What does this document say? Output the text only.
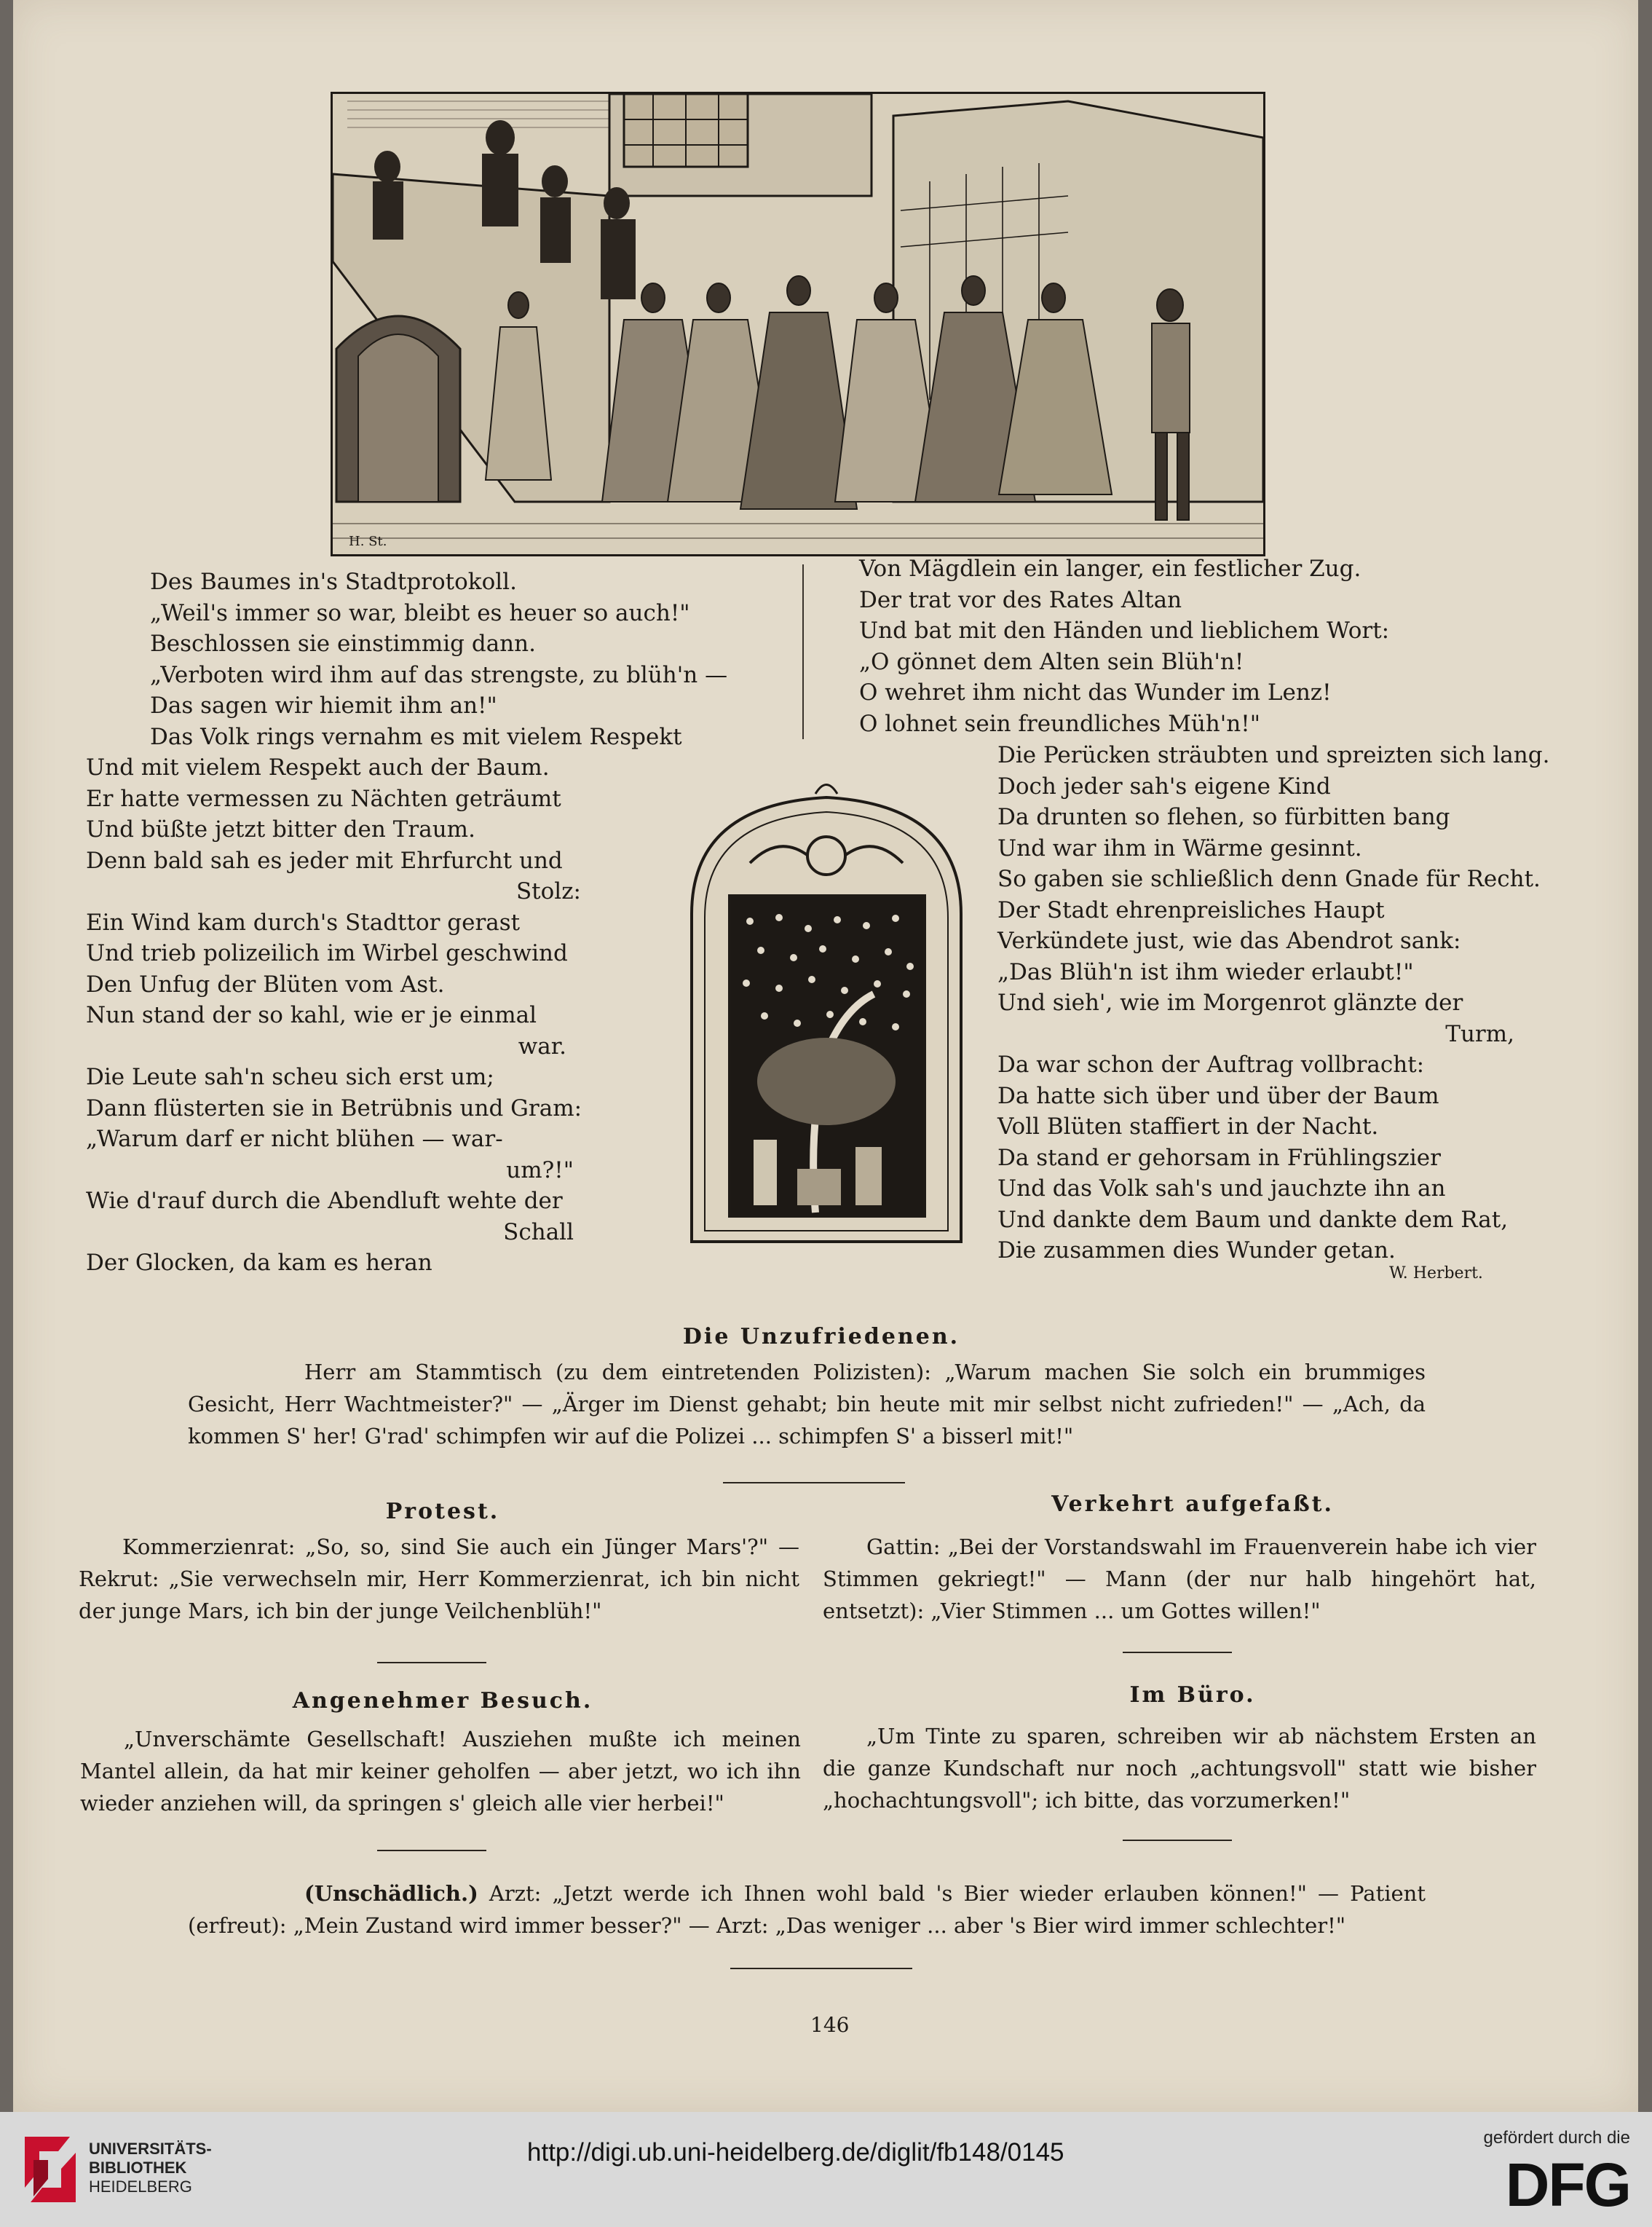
H. St.
Des Baumes in's Stadtprotokoll.
„Weil's immer so war, bleibt es heuer so auch!"
Beschlossen sie einstimmig dann.
„Verboten wird ihm auf das strengste, zu blüh'n —
Das sagen wir hiemit ihm an!"
Das Volk rings vernahm es mit vielem Respekt
Und mit vielem Respekt auch der Baum.
Er hatte vermessen zu Nächten geträumt
Und büßte jetzt bitter den Traum.
Denn bald sah es jeder mit Ehrfurcht und
Stolz:
Ein Wind kam durch's Stadttor gerast
Und trieb polizeilich im Wirbel geschwind
Den Unfug der Blüten vom Ast.
Nun stand der so kahl, wie er je einmal
war.
Die Leute sah'n scheu sich erst um;
Dann flüsterten sie in Betrübnis und Gram:
„Warum darf er nicht blühen — war-
um?!"
Wie d'rauf durch die Abendluft wehte der
Schall
Der Glocken, da kam es heran
Von Mägdlein ein langer, ein festlicher Zug.
Der trat vor des Rates Altan
Und bat mit den Händen und lieblichem Wort:
„O gönnet dem Alten sein Blüh'n!
O wehret ihm nicht das Wunder im Lenz!
O lohnet sein freundliches Müh'n!"
Die Perücken sträubten und spreizten sich lang.
Doch jeder sah's eigene Kind
Da drunten so flehen, so fürbitten bang
Und war ihm in Wärme gesinnt.
So gaben sie schließlich denn Gnade für Recht.
Der Stadt ehrenpreisliches Haupt
Verkündete just, wie das Abendrot sank:
„Das Blüh'n ist ihm wieder erlaubt!"
Und sieh', wie im Morgenrot glänzte der
Turm,
Da war schon der Auftrag vollbracht:
Da hatte sich über und über der Baum
Voll Blüten staffiert in der Nacht.
Da stand er gehorsam in Frühlingszier
Und das Volk sah's und jauchzte ihn an
Und dankte dem Baum und dankte dem Rat,
Die zusammen dies Wunder getan.
W. Herbert.
Die Unzufriedenen.
Herr am Stammtisch (zu dem eintretenden Polizisten): „Warum machen Sie solch ein brummiges Gesicht, Herr Wachtmeister?" — „Ärger im Dienst gehabt; bin heute mit mir selbst nicht zufrieden!" — „Ach, da kommen S' her! G'rad' schimpfen wir auf die Polizei ... schimpfen S' a bisserl mit!"
Protest.
Kommerzienrat: „So, so, sind Sie auch ein Jünger Mars'?" — Rekrut: „Sie verwechseln mir, Herr Kommerzienrat, ich bin nicht der junge Mars, ich bin der junge Veilchenblüh!"
Verkehrt aufgefaßt.
Gattin: „Bei der Vorstandswahl im Frauenverein habe ich vier Stimmen gekriegt!" — Mann (der nur halb hingehört hat, entsetzt): „Vier Stimmen ... um Gottes willen!"
Angenehmer Besuch.
„Unverschämte Gesellschaft! Ausziehen mußte ich meinen Mantel allein, da hat mir keiner geholfen — aber jetzt, wo ich ihn wieder anziehen will, da springen s' gleich alle vier herbei!"
Im Büro.
„Um Tinte zu sparen, schreiben wir ab nächstem Ersten an die ganze Kundschaft nur noch „achtungsvoll" statt wie bisher „hochachtungsvoll"; ich bitte, das vorzumerken!"
(Unschädlich.) Arzt: „Jetzt werde ich Ihnen wohl bald 's Bier wieder erlauben können!" — Patient (erfreut): „Mein Zustand wird immer besser?" — Arzt: „Das weniger ... aber 's Bier wird immer schlechter!"
146
UNIVERSITÄTS-
BIBLIOTHEK
HEIDELBERG
http://digi.ub.uni-heidelberg.de/diglit/fb148/0145
gefördert durch die
DFG
